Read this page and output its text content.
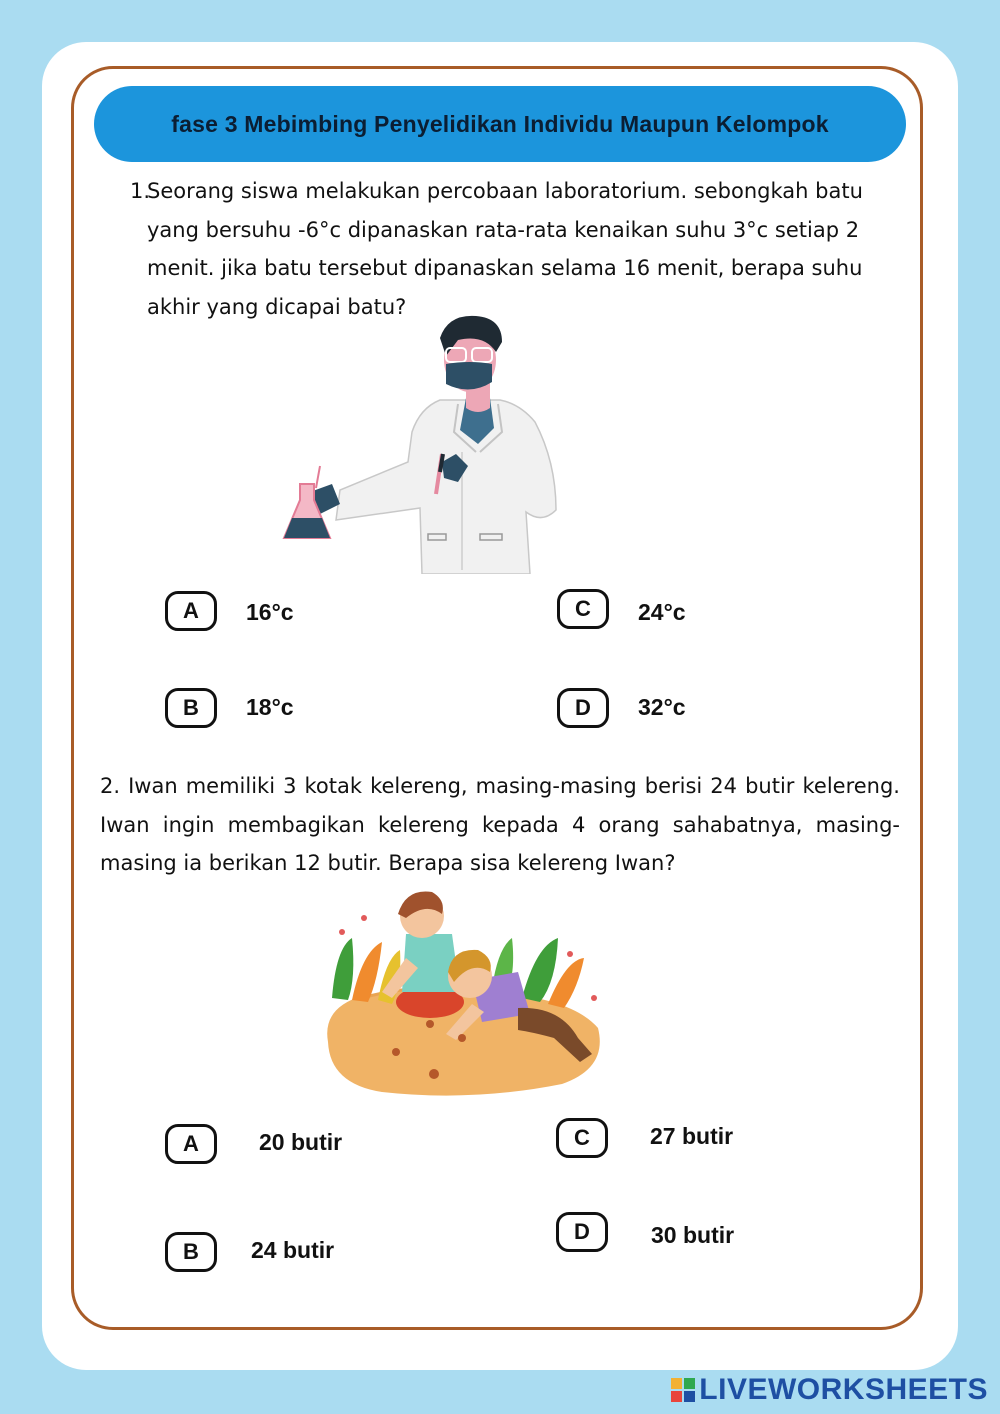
fase 3 Mebimbing Penyelidikan Individu Maupun Kelompok
1.
Seorang siswa melakukan percobaan laboratorium. sebongkah batu yang bersuhu -6°c dipanaskan rata-rata kenaikan suhu 3°c setiap 2 menit. jika batu tersebut dipanaskan selama 16 menit, berapa suhu akhir yang dicapai batu?
A 16°c
B 18°c
C 24°c
D 32°c
2. Iwan memiliki 3 kotak kelereng, masing-masing berisi 24 butir kelereng. Iwan ingin membagikan kelereng kepada 4 orang sahabatnya, masing-masing ia berikan 12 butir. Berapa sisa kelereng Iwan?
A	20 butir
B 24 butir
C	27 butir
D	30 butir
LIVEWORKSHEETS
